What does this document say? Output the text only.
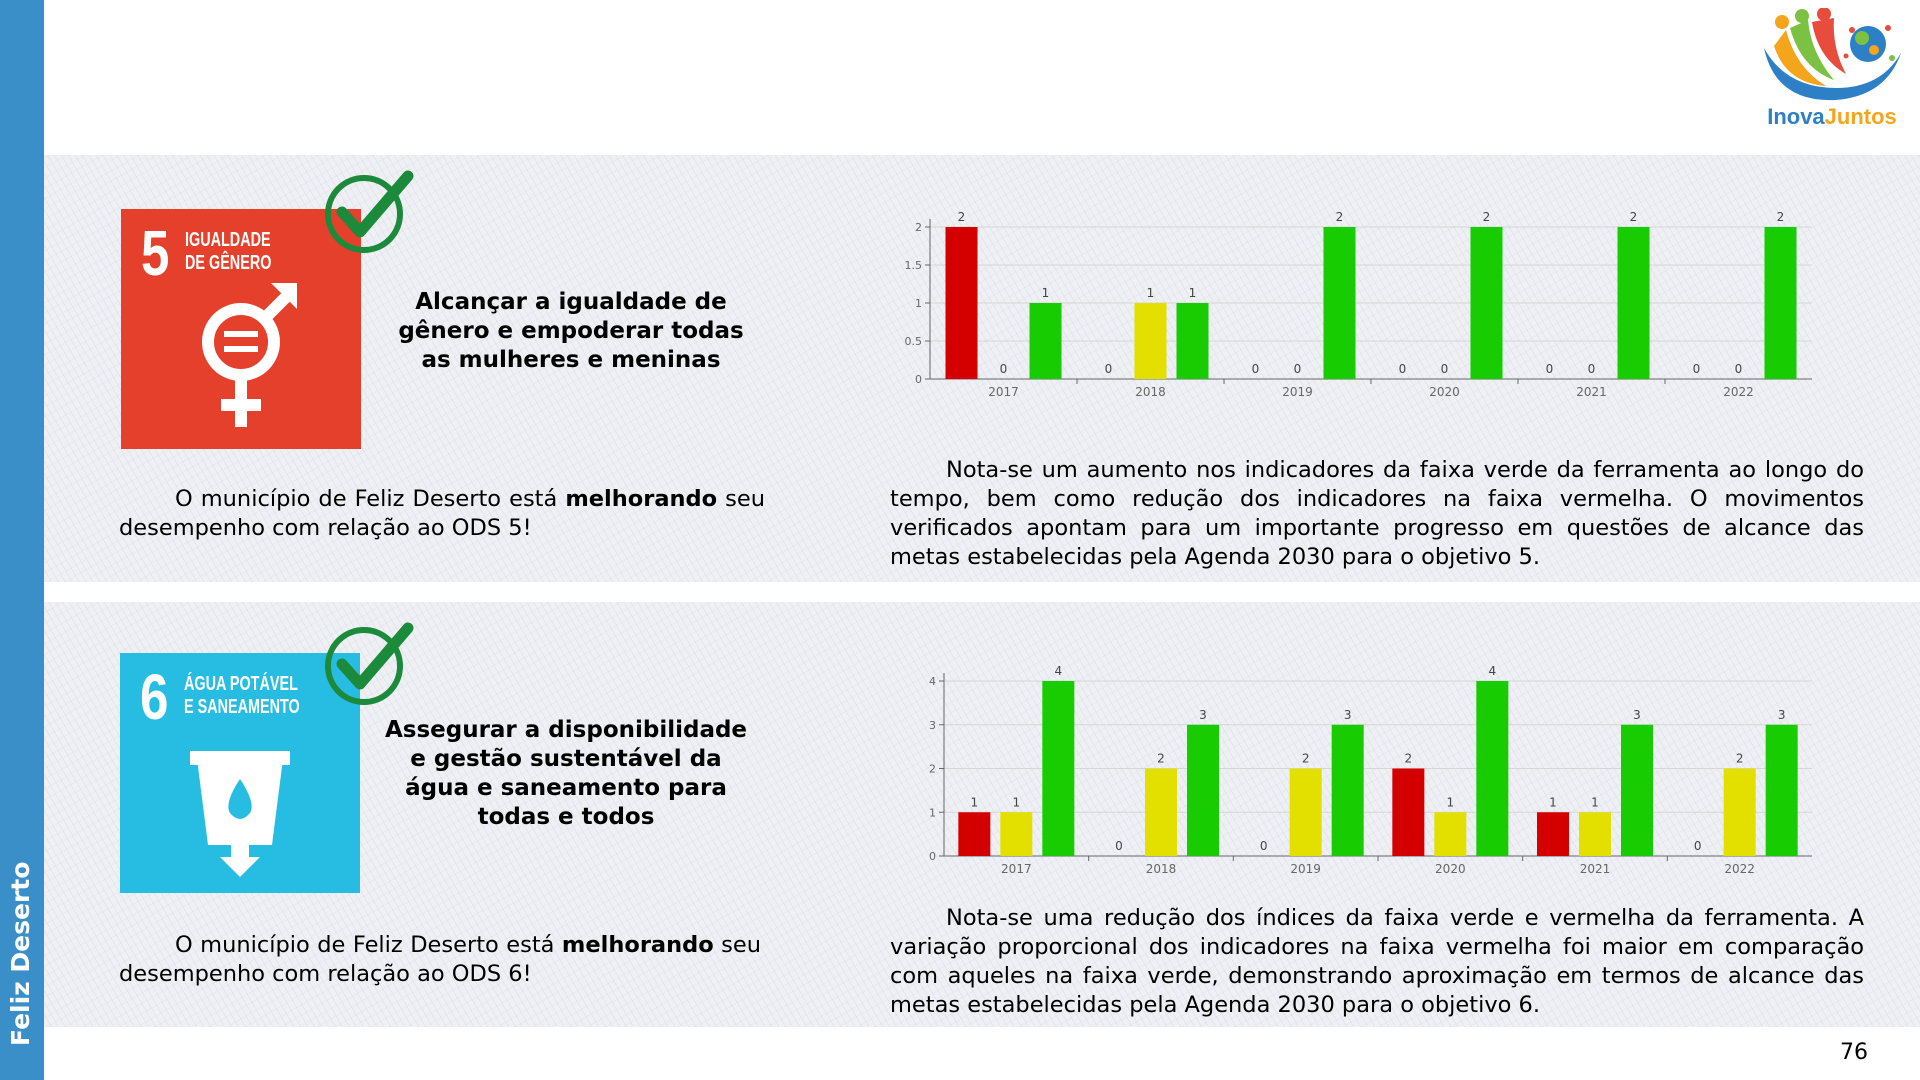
Feliz Deserto
InovaJuntos
5 IGUALDADE
DE GÊNERO
Alcançar a igualdade de gênero e empoderar todas as mulheres e meninas
O município de Feliz Deserto está melhorando seu desempenho com relação ao ODS 5!
Nota-se um aumento nos indicadores da faixa verde da ferramenta ao longo do tempo, bem como redução dos indicadores na faixa vermelha. O movimentos verificados apontam para um importante progresso em questões de alcance das metas estabelecidas pela Agenda 2030 para o objetivo 5.
0
0.5
1
1.5
2
2017
2
0
1
2018
0
1	1
2019
0	0
2
2020
0	0
2
2021
0	0
2
2022
0	0
2
6 ÁGUA POTÁVEL
E SANEAMENTO
Assegurar a disponibilidade e gestão sustentável da água e saneamento para todas e todos
O município de Feliz Deserto está melhorando seu desempenho com relação ao ODS 6!
Nota-se uma redução dos índices da faixa verde e vermelha da ferramenta. A variação proporcional dos indicadores na faixa vermelha foi maior em comparação com aqueles na faixa verde, demonstrando aproximação em termos de alcance das metas estabelecidas pela Agenda 2030 para o objetivo 6.
0
1
2
3
4
2017
1	1
4
2018
0
2
3
2019
0
2
3
2020
2
1
4
2021
1	1
3
2022
0
2
3
76
